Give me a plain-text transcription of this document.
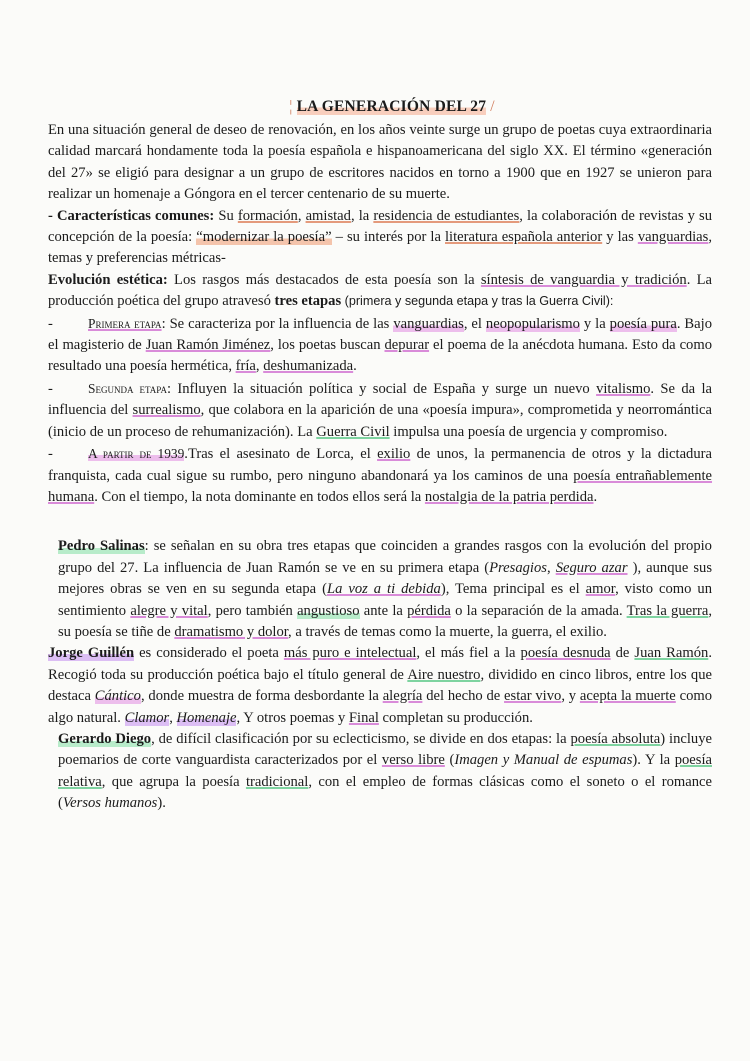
¦ LA GENERACIÓN DEL 27 /

En una situación general de deseo de renovación, en los años veinte surge un grupo de poetas cuya extraordinaria calidad marcará hondamente toda la poesía española e hispanoamericana del siglo XX. El término «generación del 27» se eligió para designar a un grupo de escritores nacidos en torno a 1900 que en 1927 se unieron para realizar un homenaje a Góngora en el tercer centenario de su muerte.

- Características comunes: Su formación, amistad, la residencia de estudiantes, la colaboración de revistas y su concepción de la poesía: “modernizar la poesía” – su interés por la literatura española anterior y las vanguardias, temas y preferencias métricas-

Evolución estética: Los rasgos más destacados de esta poesía son la síntesis de vanguardia y tradición. La producción poética del grupo atravesó tres etapas (primera y segunda etapa y tras la Guerra Civil):

-	Primera etapa: Se caracteriza por la influencia de las vanguardias, el neopopularismo y la poesía pura. Bajo el magisterio de Juan Ramón Jiménez, los poetas buscan depurar el poema de la anécdota humana. Esto da como resultado una poesía hermética, fría, deshumanizada.

-	Segunda etapa: Influyen la situación política y social de España y surge un nuevo vitalismo. Se da la influencia del surrealismo, que colabora en la aparición de una «poesía impura», comprometida y neorromántica (inicio de un proceso de rehumanización). La Guerra Civil impulsa una poesía de urgencia y compromiso.

-	A partir de 1939.Tras el asesinato de Lorca, el exilio de unos, la permanencia de otros y la dictadura franquista, cada cual sigue su rumbo, pero ninguno abandonará ya los caminos de una poesía entrañablemente humana. Con el tiempo, la nota dominante en todos ellos será la nostalgia de la patria perdida.

Pedro Salinas: se señalan en su obra tres etapas que coinciden a grandes rasgos con la evolución del propio grupo del 27. La influencia de Juan Ramón se ve en su primera etapa (Presagios, Seguro azar ), aunque sus mejores obras se ven en su segunda etapa (La voz a ti debida), Tema principal es el amor, visto como un sentimiento alegre y vital, pero también angustioso ante la pérdida o la separación de la amada. Tras la guerra, su poesía se tiñe de dramatismo y dolor, a través de temas como la muerte, la guerra, el exilio.

Jorge Guillén es considerado el poeta más puro e intelectual, el más fiel a la poesía desnuda de Juan Ramón. Recogió toda su producción poética bajo el título general de Aire nuestro, dividido en cinco libros, entre los que destaca Cántico, donde muestra de forma desbordante la alegría del hecho de estar vivo, y acepta la muerte como algo natural. Clamor, Homenaje, Y otros poemas y Final completan su producción.

Gerardo Diego, de difícil clasificación por su eclecticismo, se divide en dos etapas: la poesía absoluta) incluye poemarios de corte vanguardista caracterizados por el verso libre (Imagen y Manual de espumas). Y la poesía relativa, que agrupa la poesía tradicional, con el empleo de formas clásicas como el soneto o el romance (Versos humanos).
